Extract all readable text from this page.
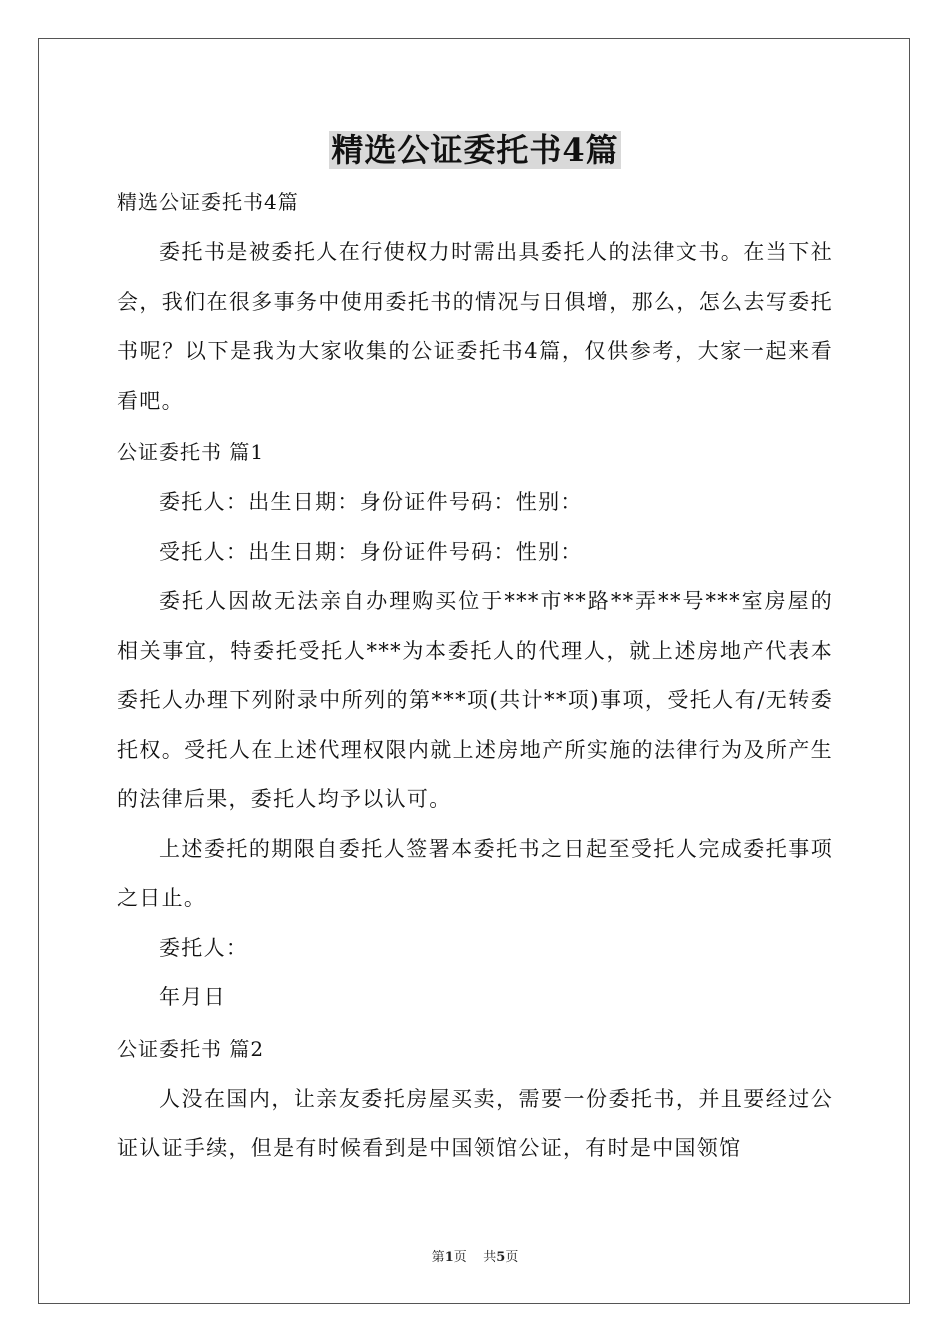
精选公证委托书4篇

精选公证委托书4篇

委托书是被委托人在行使权力时需出具委托人的法律文书。在当下社会，我们在很多事务中使用委托书的情况与日俱增，那么，怎么去写委托书呢？以下是我为大家收集的公证委托书4篇，仅供参考，大家一起来看看吧。

公证委托书 篇1

委托人：出生日期：身份证件号码：性别：

受托人：出生日期：身份证件号码：性别：

委托人因故无法亲自办理购买位于***市**路**弄**号***室房屋的相关事宜，特委托受托人***为本委托人的代理人，就上述房地产代表本委托人办理下列附录中所列的第***项(共计**项)事项，受托人有/无转委托权。受托人在上述代理权限内就上述房地产所实施的法律行为及所产生的法律后果，委托人均予以认可。

上述委托的期限自委托人签署本委托书之日起至受托人完成委托事项之日止。

委托人：

年月日

公证委托书 篇2

人没在国内，让亲友委托房屋买卖，需要一份委托书，并且要经过公证认证手续，但是有时候看到是中国领馆公证，有时是中国领馆

第1页    共5页
